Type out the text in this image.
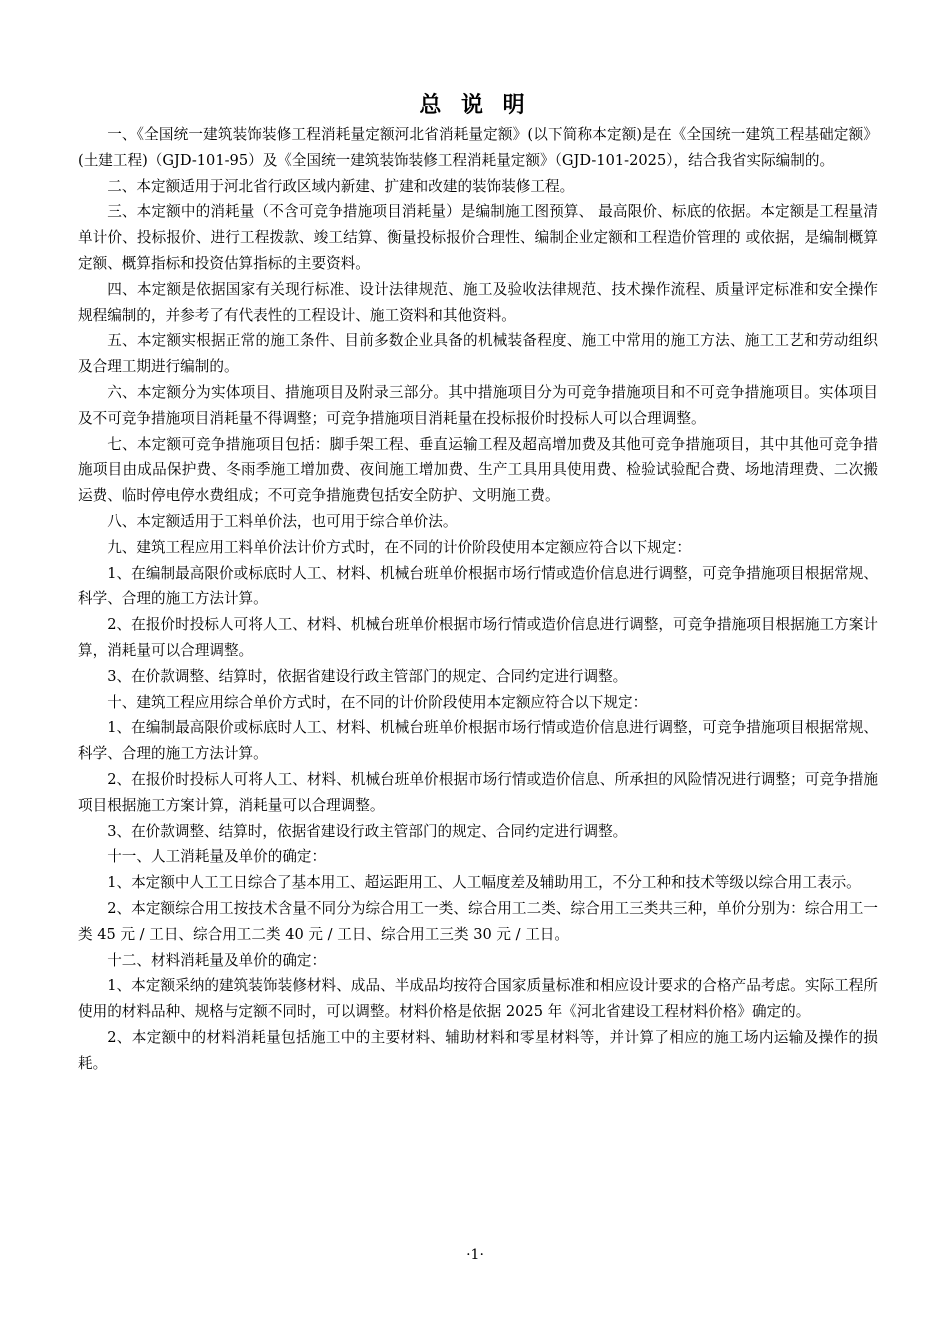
总 说 明

一、《全国统一建筑装饰装修工程消耗量定额河北省消耗量定额》(以下简称本定额)是在《全国统一建筑工程基础定额》(土建工程)（GJD-101-95）及《全国统一建筑装饰装修工程消耗量定额》（GJD-101-2025），结合我省实际编制的。

二、本定额适用于河北省行政区域内新建、扩建和改建的装饰装修工程。

三、本定额中的消耗量（不含可竞争措施项目消耗量）是编制施工图预算、 最高限价、标底的依据。本定额是工程量清单计价、投标报价、进行工程拨款、竣工结算、衡量投标报价合理性、编制企业定额和工程造价管理的 或依据，是编制概算定额、概算指标和投资估算指标的主要资料。

四、本定额是依据国家有关现行标准、设计法律规范、施工及验收法律规范、技术操作流程、质量评定标准和安全操作规程编制的，并参考了有代表性的工程设计、施工资料和其他资料。

五、本定额实根据正常的施工条件、目前多数企业具备的机械装备程度、施工中常用的施工方法、施工工艺和劳动组织及合理工期进行编制的。

六、本定额分为实体项目、措施项目及附录三部分。其中措施项目分为可竞争措施项目和不可竞争措施项目。实体项目及不可竞争措施项目消耗量不得调整；可竞争措施项目消耗量在投标报价时投标人可以合理调整。

七、本定额可竞争措施项目包括：脚手架工程、垂直运输工程及超高增加费及其他可竞争措施项目，其中其他可竞争措施项目由成品保护费、冬雨季施工增加费、夜间施工增加费、生产工具用具使用费、检验试验配合费、场地清理费、二次搬运费、临时停电停水费组成；不可竞争措施费包括安全防护、文明施工费。

八、本定额适用于工料单价法，也可用于综合单价法。

九、建筑工程应用工料单价法计价方式时，在不同的计价阶段使用本定额应符合以下规定：

1、在编制最高限价或标底时人工、材料、机械台班单价根据市场行情或造价信息进行调整，可竞争措施项目根据常规、科学、合理的施工方法计算。

2、在报价时投标人可将人工、材料、机械台班单价根据市场行情或造价信息进行调整，可竞争措施项目根据施工方案计算，消耗量可以合理调整。

3、在价款调整、结算时，依据省建设行政主管部门的规定、合同约定进行调整。

十、建筑工程应用综合单价方式时，在不同的计价阶段使用本定额应符合以下规定：

1、在编制最高限价或标底时人工、材料、机械台班单价根据市场行情或造价信息进行调整，可竞争措施项目根据常规、科学、合理的施工方法计算。

2、在报价时投标人可将人工、材料、机械台班单价根据市场行情或造价信息、所承担的风险情况进行调整；可竞争措施项目根据施工方案计算，消耗量可以合理调整。

3、在价款调整、结算时，依据省建设行政主管部门的规定、合同约定进行调整。

十一、人工消耗量及单价的确定：

1、本定额中人工工日综合了基本用工、超运距用工、人工幅度差及辅助用工，不分工种和技术等级以综合用工表示。

2、本定额综合用工按技术含量不同分为综合用工一类、综合用工二类、综合用工三类共三种，单价分别为：综合用工一类 45 元 / 工日、综合用工二类 40 元 / 工日、综合用工三类 30 元 / 工日。

十二、材料消耗量及单价的确定：

1、本定额采纳的建筑装饰装修材料、成品、半成品均按符合国家质量标准和相应设计要求的合格产品考虑。实际工程所使用的材料品种、规格与定额不同时，可以调整。材料价格是依据 2025 年《河北省建设工程材料价格》确定的。

2、本定额中的材料消耗量包括施工中的主要材料、辅助材料和零星材料等，并计算了相应的施工场内运输及操作的损耗。

·1·
